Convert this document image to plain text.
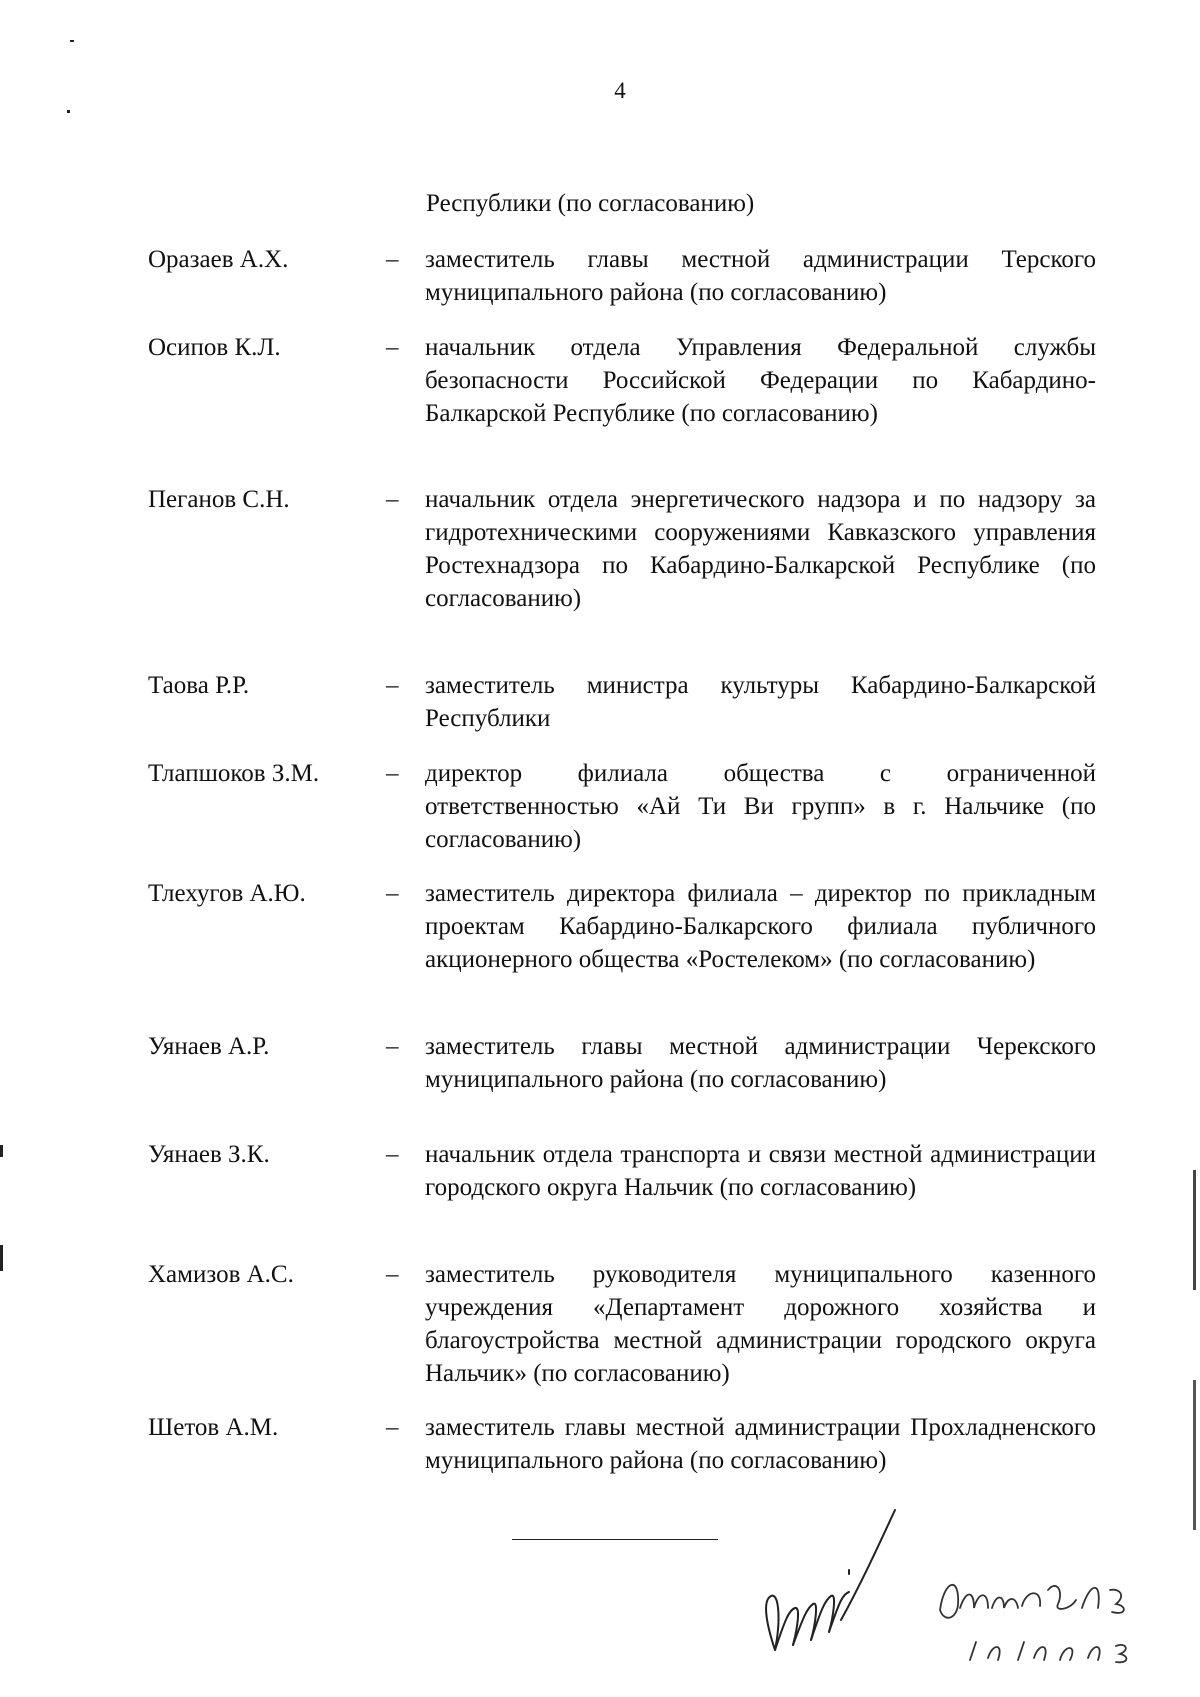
4
Республики (по согласованию)
Оразаев А.Х.	– заместитель главы местной администрации Терского муниципального района (по согласованию)
Осипов К.Л.	– начальник отдела Управления Федеральной службы безопасности Российской Федерации по Кабардино-Балкарской Республике (по согласованию)
Пеганов С.Н.	– начальник отдела энергетического надзора и по надзору за гидротехническими сооружениями Кавказского управления Ростехнадзора по Кабардино-Балкарской Республике (по согласованию)
Таова Р.Р.	– заместитель министра культуры Кабардино-Балкарской Республики
Тлапшоков З.М.	– директор филиала общества с ограниченной ответственностью «Ай Ти Ви групп» в г. Нальчике (по согласованию)
Тлехугов А.Ю.	– заместитель директора филиала – директор по прикладным проектам Кабардино-Балкарского филиала публичного акционерного общества «Ростелеком» (по согласованию)
Уянаев А.Р.	– заместитель главы местной администрации Черекского муниципального района (по согласованию)
Уянаев З.К.	– начальник отдела транспорта и связи местной администрации городского округа Нальчик (по согласованию)
Хамизов А.С.	– заместитель руководителя муниципального казенного учреждения «Департамент дорожного хозяйства и благоустройства местной администрации городского округа Нальчик» (по согласованию)
Шетов А.М.	– заместитель главы местной администрации Прохладненского муниципального района (по согласованию)
